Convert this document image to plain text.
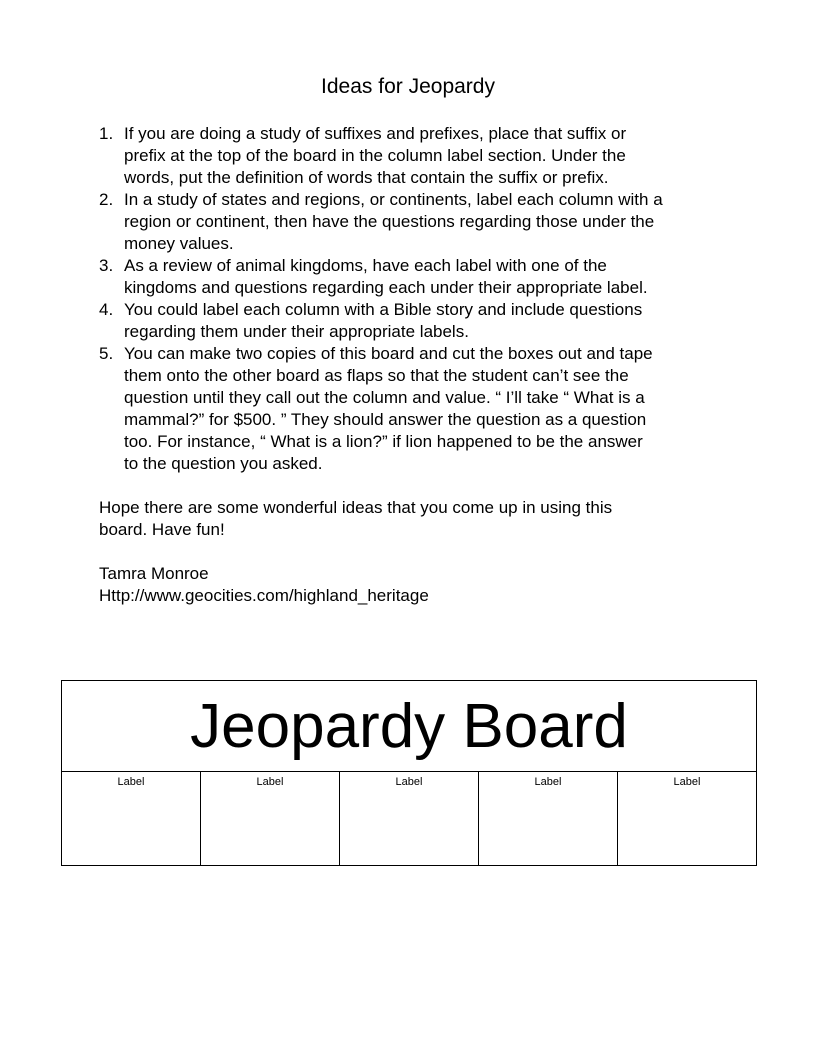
Ideas for Jeopardy
1. If you are doing a study of suffixes and prefixes, place that suffix or
prefix at the top of the board in the column label section. Under the
words, put the definition of words that contain the suffix or prefix.
2. In a study of states and regions, or continents, label each column with a
region or continent, then have the questions regarding those under the
money values.
3. As a review of animal kingdoms, have each label with one of the
kingdoms and questions regarding each under their appropriate label.
4. You could label each column with a Bible story and include questions
regarding them under their appropriate labels.
5. You can make two copies of this board and cut the boxes out and tape
them onto the other board as flaps so that the student can’t see the
question until they call out the column and value. “ I’ll take “ What is a
mammal?” for $500. ” They should answer the question as a question
too. For instance, “ What is a lion?” if lion happened to be the answer
to the question you asked.
Hope there are some wonderful ideas that you come up in using this
board. Have fun!
Tamra Monroe
Http://www.geocities.com/highland_heritage
Jeopardy Board
Label	Label	Label	Label	Label
